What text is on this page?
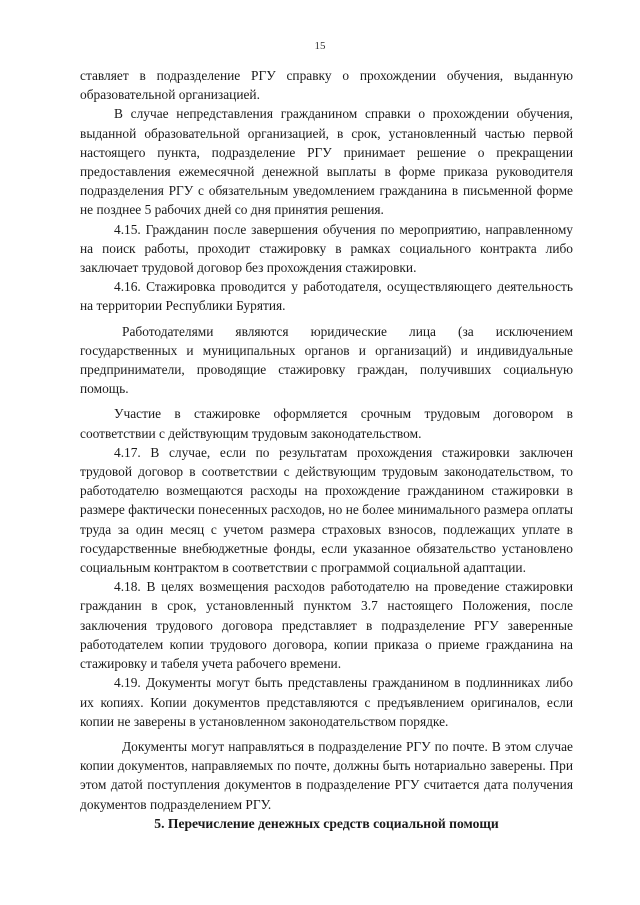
15

ставляет в подразделение РГУ справку о прохождении обучения, выданную образовательной организацией.

В случае непредставления гражданином справки о прохождении обучения, выданной образовательной организацией, в срок, установленный частью первой настоящего пункта, подразделение РГУ принимает решение о прекращении предоставления ежемесячной денежной выплаты в форме приказа руководителя подразделения РГУ с обязательным уведомлением гражданина в письменной форме не позднее 5 рабочих дней со дня принятия решения.

4.15. Гражданин после завершения обучения по мероприятию, направленному на поиск работы, проходит стажировку в рамках социального контракта либо заключает трудовой договор без прохождения стажировки.

4.16. Стажировка проводится у работодателя, осуществляющего деятельность на территории Республики Бурятия.

Работодателями являются юридические лица (за исключением государственных и муниципальных органов и организаций) и индивидуальные предприниматели, проводящие стажировку граждан, получивших социальную помощь.

Участие в стажировке оформляется срочным трудовым договором в соответствии с действующим трудовым законодательством.

4.17. В случае, если по результатам прохождения стажировки заключен трудовой договор в соответствии с действующим трудовым законодательством, то работодателю возмещаются расходы на прохождение гражданином стажировки в размере фактически понесенных расходов, но не более минимального размера оплаты труда за один месяц с учетом размера страховых взносов, подлежащих уплате в государственные внебюджетные фонды, если указанное обязательство установлено социальным контрактом в соответствии с программой социальной адаптации.

4.18. В целях возмещения расходов работодателю на проведение стажировки гражданин в срок, установленный пунктом 3.7 настоящего Положения, после заключения трудового договора представляет в подразделение РГУ заверенные работодателем копии трудового договора, копии приказа о приеме гражданина на стажировку и табеля учета рабочего времени.

4.19. Документы могут быть представлены гражданином в подлинниках либо их копиях. Копии документов представляются с предъявлением оригиналов, если копии не заверены в установленном законодательством порядке.

Документы могут направляться в подразделение РГУ по почте. В этом случае копии документов, направляемых по почте, должны быть нотариально заверены. При этом датой поступления документов в подразделение РГУ считается дата получения документов подразделением РГУ.

5. Перечисление денежных средств социальной помощи
